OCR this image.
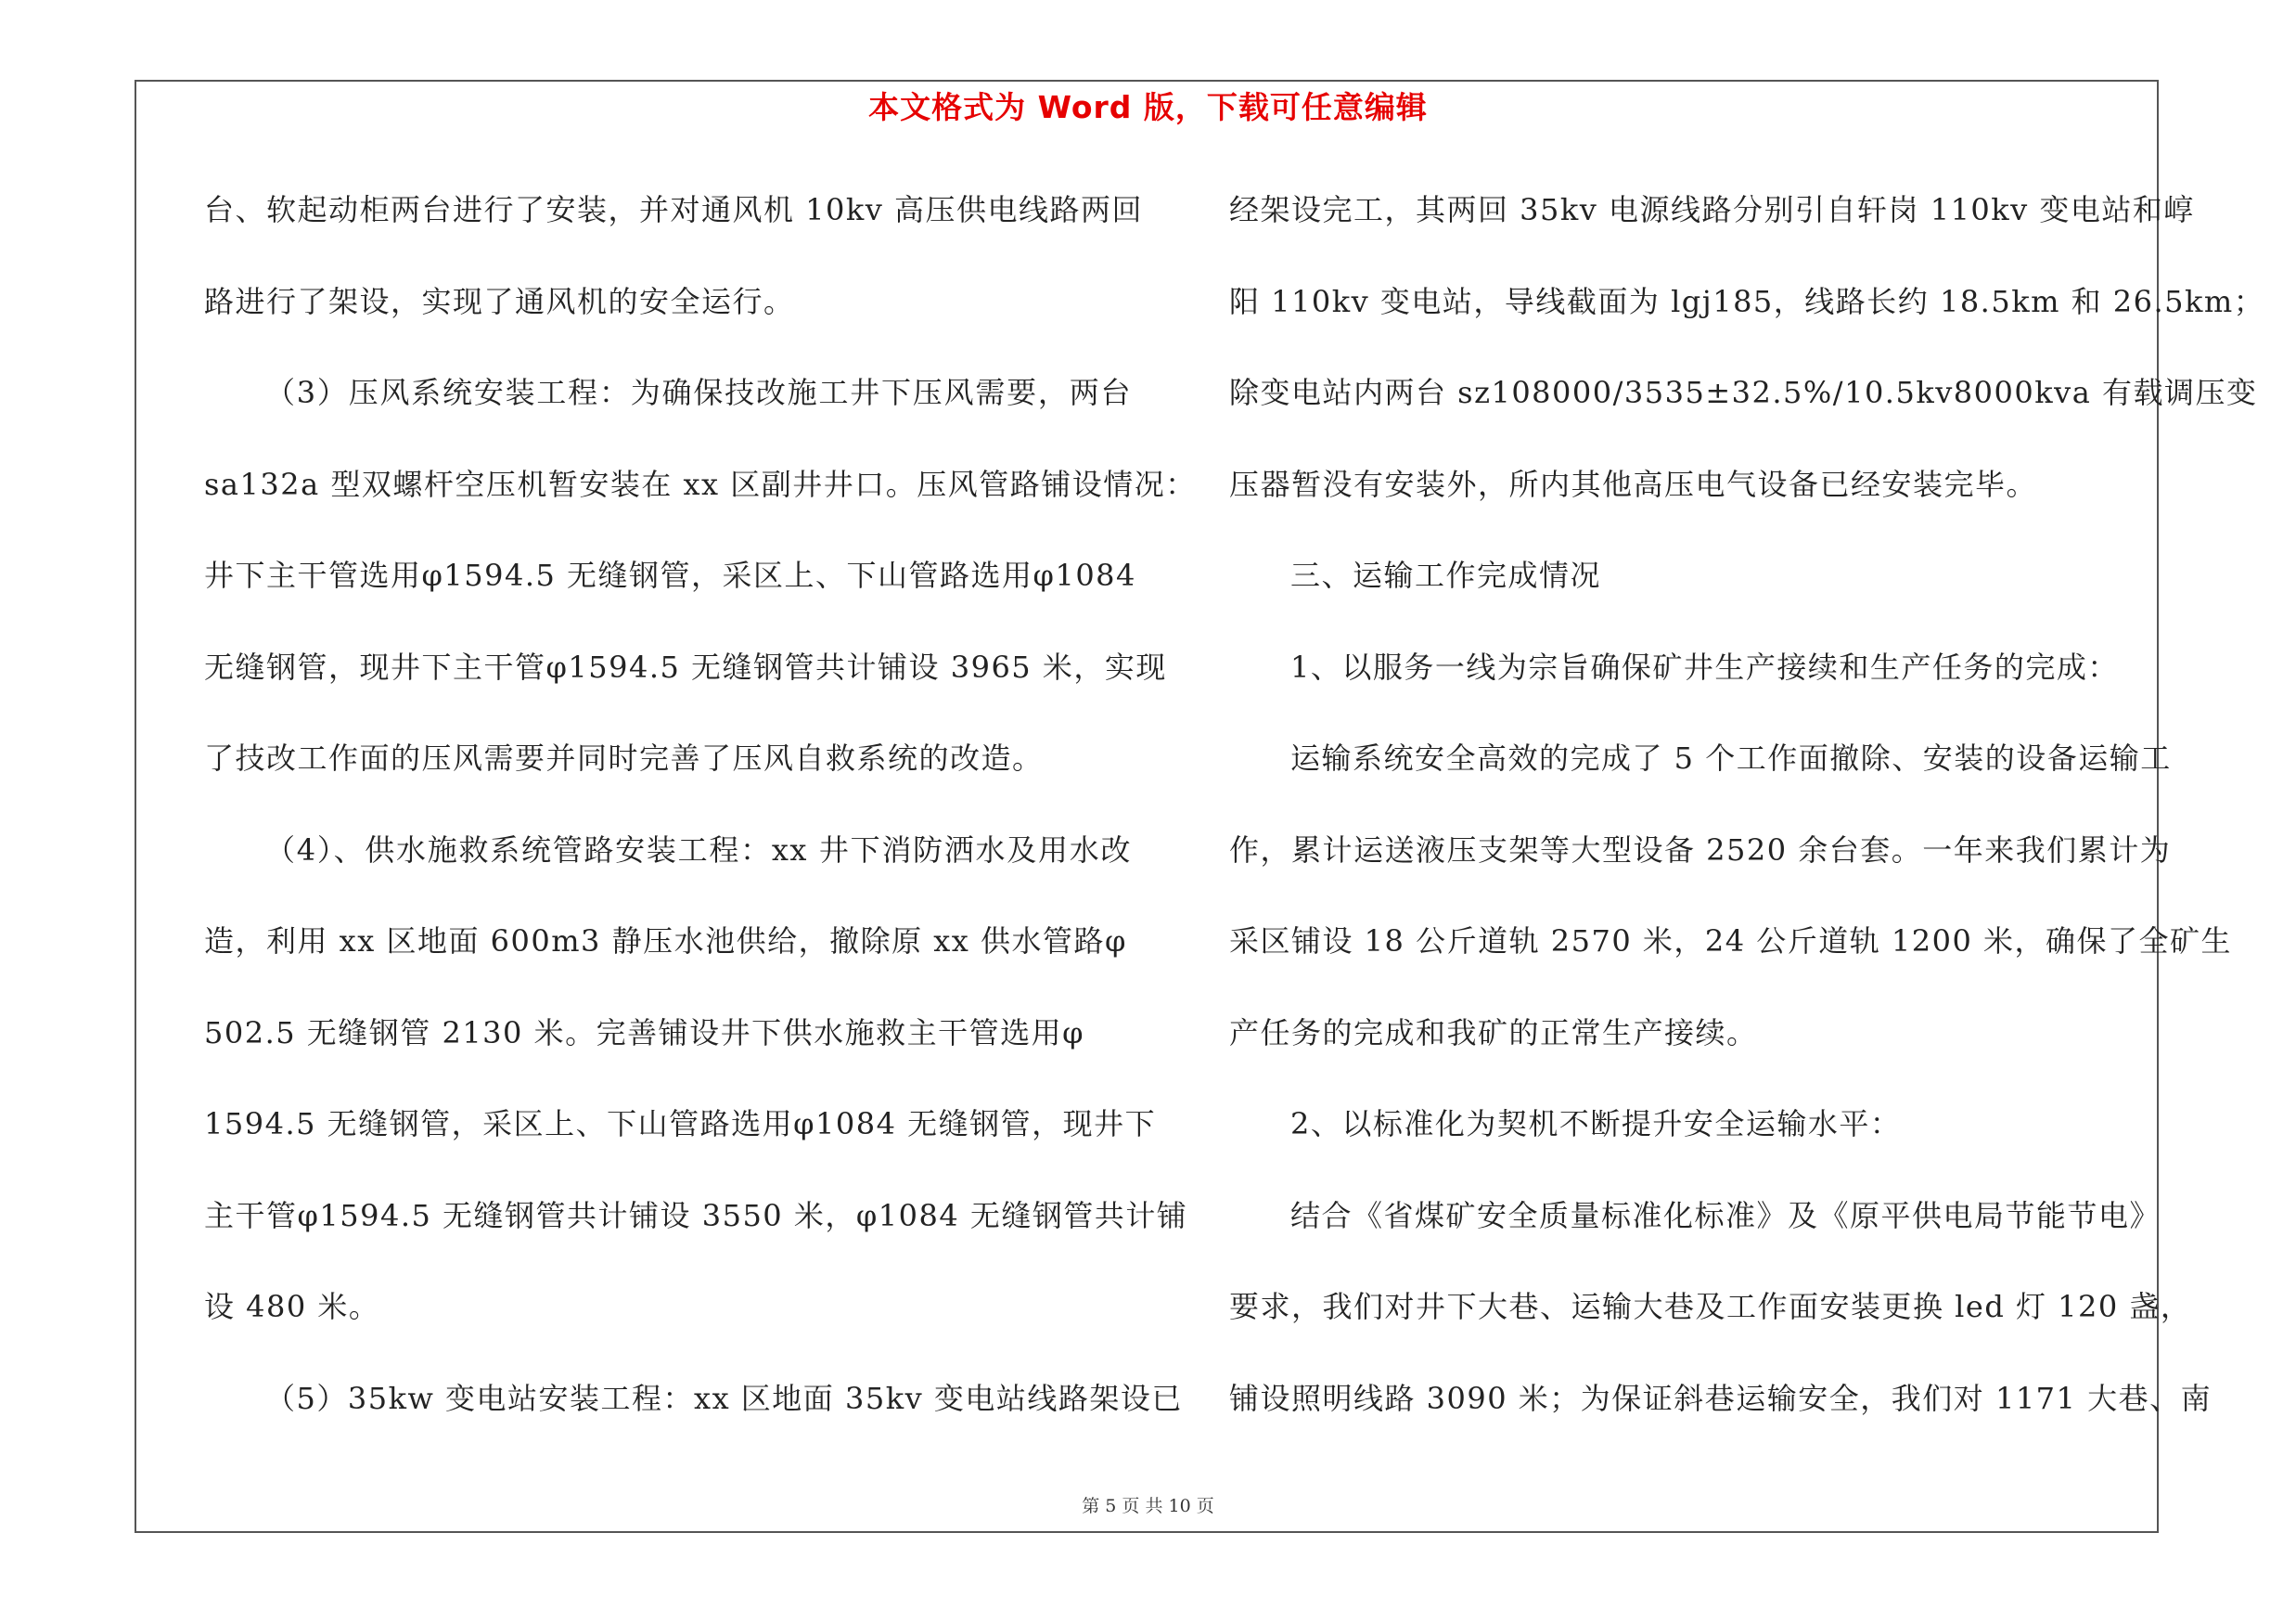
本文格式为 Word 版，下载可任意编辑
台、软起动柜两台进行了安装，并对通风机 10kv 高压供电线路两回
路进行了架设，实现了通风机的安全运行。
（3）压风系统安装工程：为确保技改施工井下压风需要，两台
sa132a 型双螺杆空压机暂安装在 xx 区副井井口。压风管路铺设情况：
井下主干管选用φ1594.5 无缝钢管，采区上、下山管路选用φ1084
无缝钢管，现井下主干管φ1594.5 无缝钢管共计铺设 3965 米，实现
了技改工作面的压风需要并同时完善了压风自救系统的改造。
（4）、供水施救系统管路安装工程：xx 井下消防洒水及用水改
造，利用 xx 区地面 600m3 静压水池供给，撤除原 xx 供水管路φ
502.5 无缝钢管 2130 米。完善铺设井下供水施救主干管选用φ
1594.5 无缝钢管，采区上、下山管路选用φ1084 无缝钢管，现井下
主干管φ1594.5 无缝钢管共计铺设 3550 米，φ1084 无缝钢管共计铺
设 480 米。
（5）35kw 变电站安装工程：xx 区地面 35kv 变电站线路架设已
经架设完工，其两回 35kv 电源线路分别引自轩岗 110kv 变电站和崞
阳 110kv 变电站，导线截面为 lgj185，线路长约 18.5km 和 26.5km；
除变电站内两台 sz108000/3535±32.5%/10.5kv8000kva 有载调压变
压器暂没有安装外，所内其他高压电气设备已经安装完毕。
三、运输工作完成情况
1、以服务一线为宗旨确保矿井生产接续和生产任务的完成：
运输系统安全高效的完成了 5 个工作面撤除、安装的设备运输工
作，累计运送液压支架等大型设备 2520 余台套。一年来我们累计为
采区铺设 18 公斤道轨 2570 米，24 公斤道轨 1200 米，确保了全矿生
产任务的完成和我矿的正常生产接续。
2、以标准化为契机不断提升安全运输水平：
结合《省煤矿安全质量标准化标准》及《原平供电局节能节电》
要求，我们对井下大巷、运输大巷及工作面安装更换 led 灯 120 盏，
铺设照明线路 3090 米；为保证斜巷运输安全，我们对 1171 大巷、南
第 5 页 共 10 页
